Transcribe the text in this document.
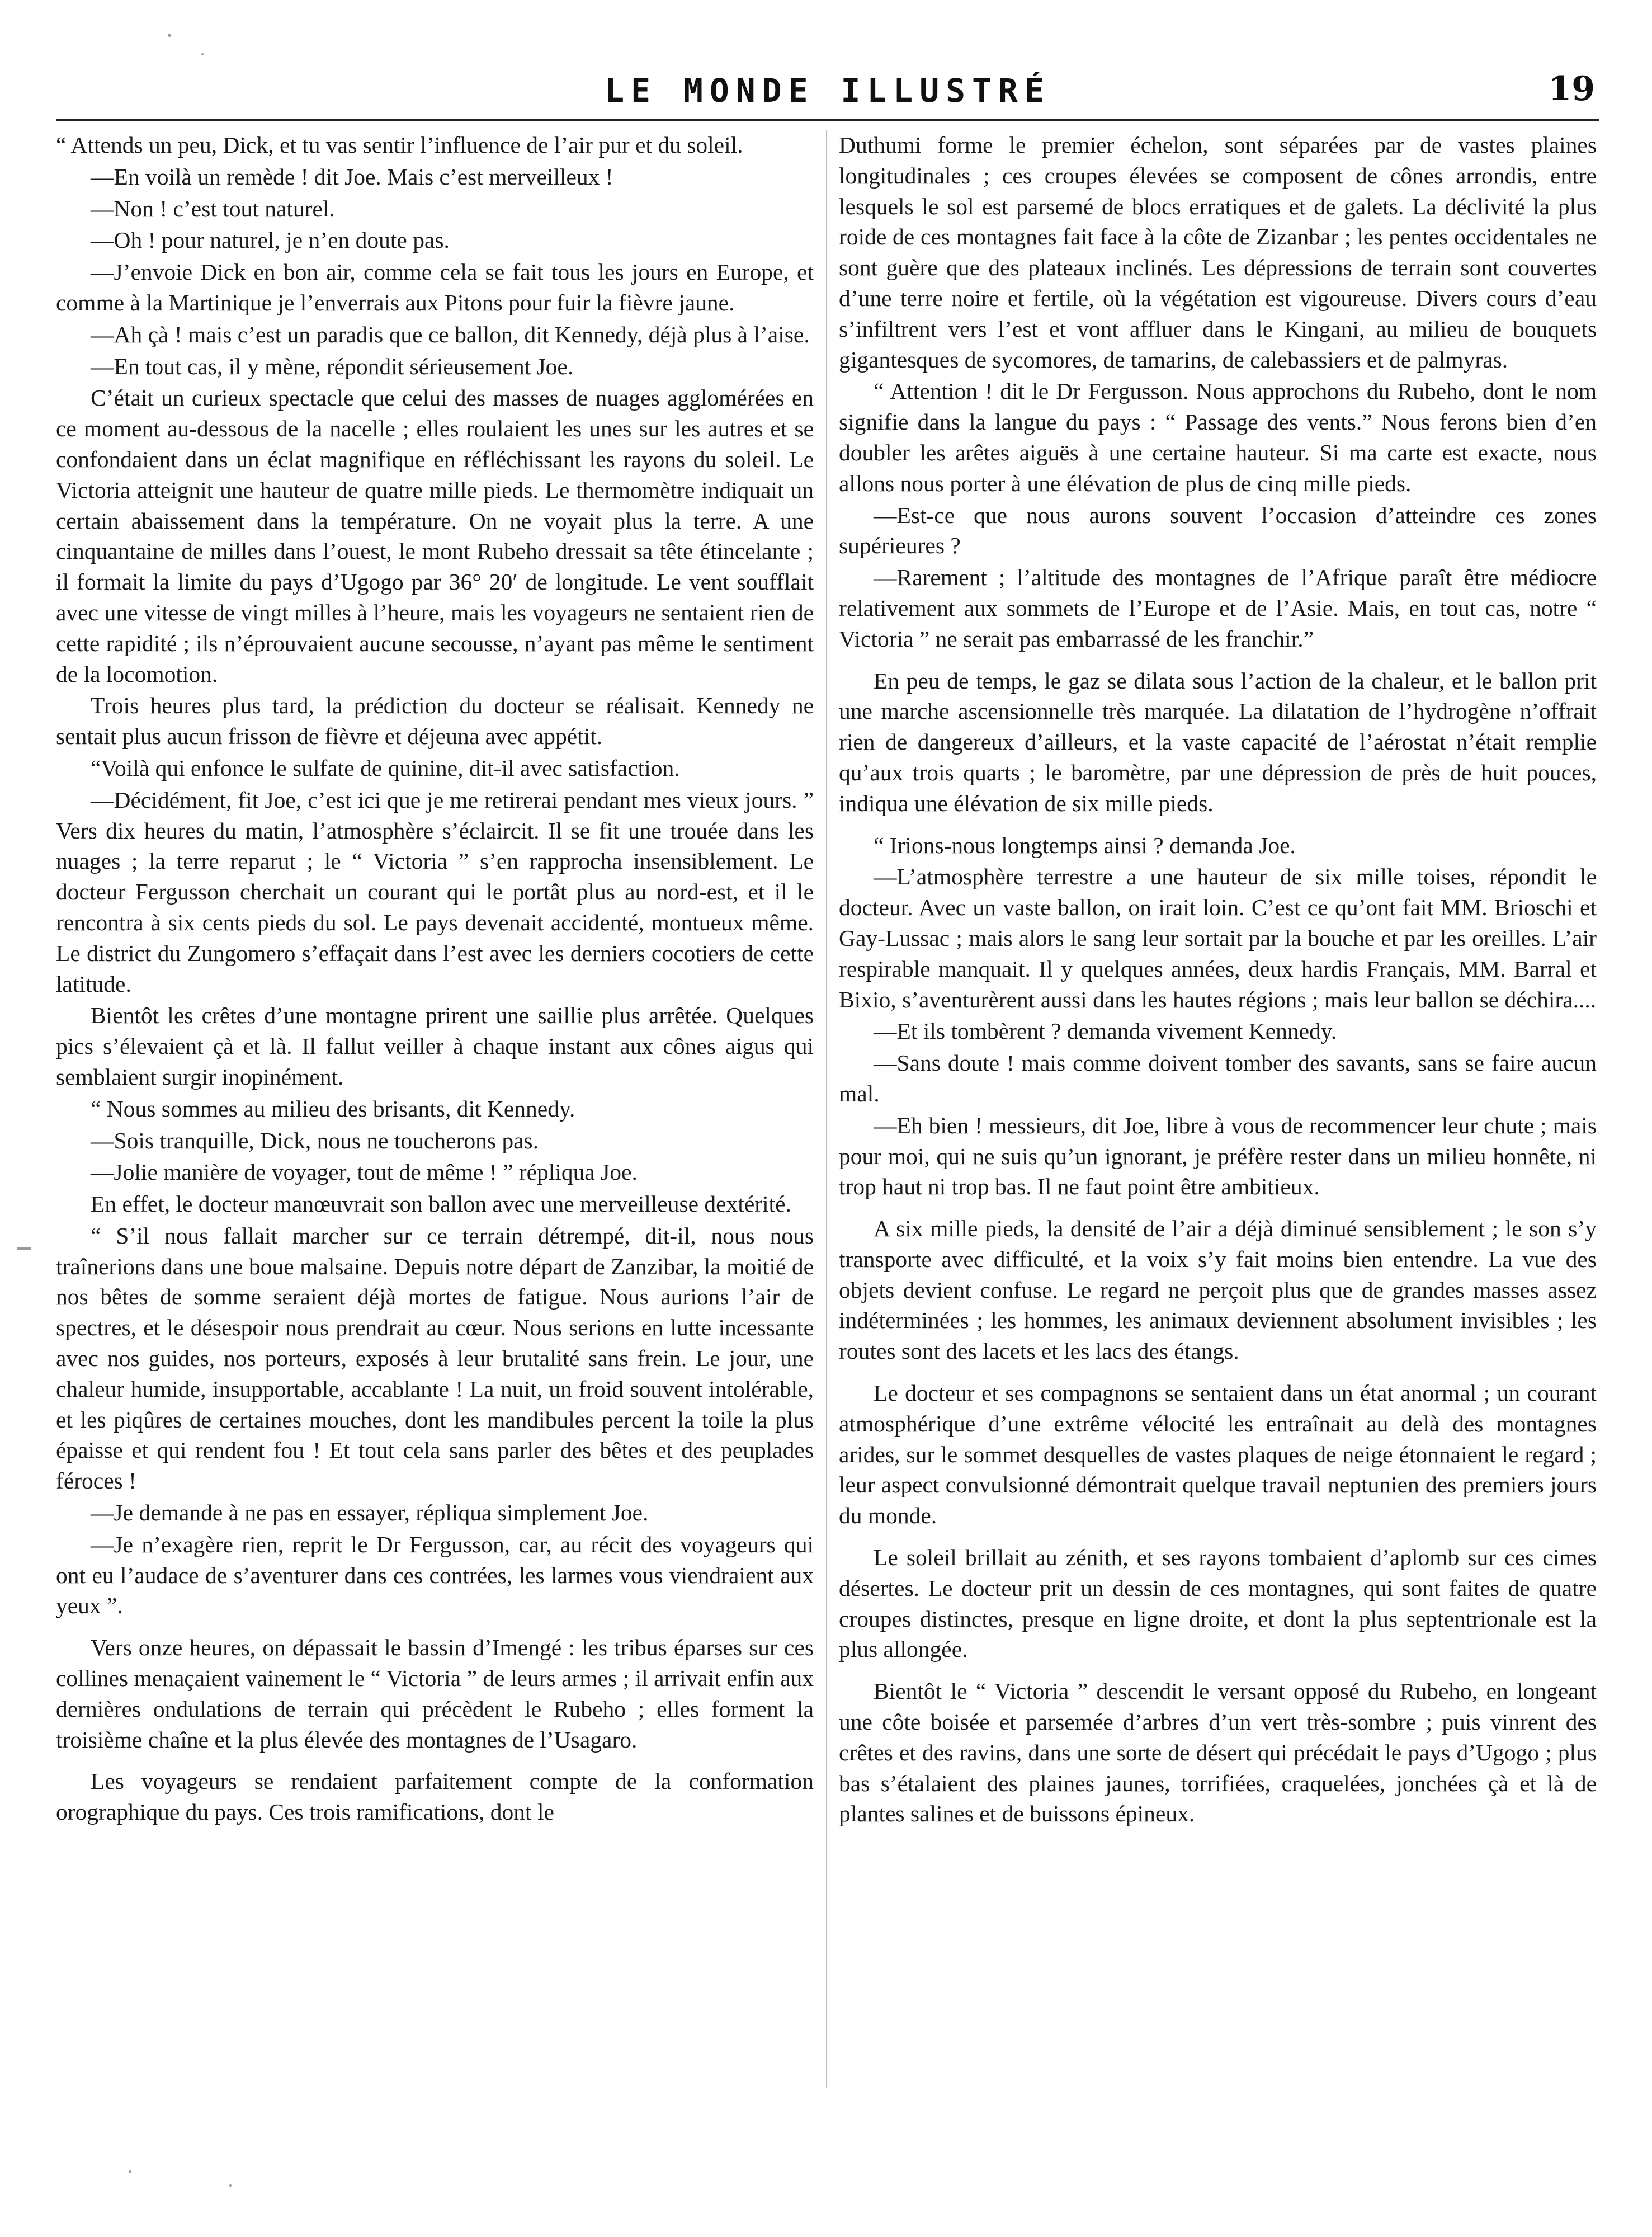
LE MONDE ILLUSTRÉ	19

“ Attends un peu, Dick, et tu vas sentir l’influence de l’air pur et du soleil.

—En voilà un remède ! dit Joe. Mais c’est merveilleux !

—Non ! c’est tout naturel.

—Oh ! pour naturel, je n’en doute pas.

—J’envoie Dick en bon air, comme cela se fait tous les jours en Europe, et comme à la Martinique je l’enverrais aux Pitons pour fuir la fièvre jaune.

—Ah çà ! mais c’est un paradis que ce ballon, dit Kennedy, déjà plus à l’aise.

—En tout cas, il y mène, répondit sérieusement Joe.

C’était un curieux spectacle que celui des masses de nuages agglomérées en ce moment au-dessous de la nacelle ; elles roulaient les unes sur les autres et se confondaient dans un éclat magnifique en réfléchissant les rayons du soleil. Le Victoria atteignit une hauteur de quatre mille pieds. Le thermomètre indiquait un certain abaissement dans la température. On ne voyait plus la terre. A une cinquantaine de milles dans l’ouest, le mont Rubeho dressait sa tête étincelante ; il formait la limite du pays d’Ugogo par 36° 20′ de longitude. Le vent soufflait avec une vitesse de vingt milles à l’heure, mais les voyageurs ne sentaient rien de cette rapidité ; ils n’éprouvaient aucune secousse, n’ayant pas même le sentiment de la locomotion.

Trois heures plus tard, la prédiction du docteur se réalisait. Kennedy ne sentait plus aucun frisson de fièvre et déjeuna avec appétit.

“Voilà qui enfonce le sulfate de quinine, dit-il avec satisfaction.

—Décidément, fit Joe, c’est ici que je me retirerai pendant mes vieux jours. ” Vers dix heures du matin, l’atmosphère s’éclaircit. Il se fit une trouée dans les nuages ; la terre reparut ; le “ Victoria ” s’en rapprocha insensiblement. Le docteur Fergusson cherchait un courant qui le portât plus au nord-est, et il le rencontra à six cents pieds du sol. Le pays devenait accidenté, montueux même. Le district du Zungomero s’effaçait dans l’est avec les derniers cocotiers de cette latitude.

Bientôt les crêtes d’une montagne prirent une saillie plus arrêtée. Quelques pics s’élevaient çà et là. Il fallut veiller à chaque instant aux cônes aigus qui semblaient surgir inopinément.

“ Nous sommes au milieu des brisants, dit Kennedy.

—Sois tranquille, Dick, nous ne toucherons pas.

—Jolie manière de voyager, tout de même ! ” répliqua Joe.

En effet, le docteur manœuvrait son ballon avec une merveilleuse dextérité.

“ S’il nous fallait marcher sur ce terrain détrempé, dit-il, nous nous traînerions dans une boue malsaine. Depuis notre départ de Zanzibar, la moitié de nos bêtes de somme seraient déjà mortes de fatigue. Nous aurions l’air de spectres, et le désespoir nous prendrait au cœur. Nous serions en lutte incessante avec nos guides, nos porteurs, exposés à leur brutalité sans frein. Le jour, une chaleur humide, insupportable, accablante ! La nuit, un froid souvent intolérable, et les piqûres de certaines mouches, dont les mandibules percent la toile la plus épaisse et qui rendent fou ! Et tout cela sans parler des bêtes et des peuplades féroces !

—Je demande à ne pas en essayer, répliqua simplement Joe.

—Je n’exagère rien, reprit le Dr Fergusson, car, au récit des voyageurs qui ont eu l’audace de s’aventurer dans ces contrées, les larmes vous viendraient aux yeux ”.

Vers onze heures, on dépassait le bassin d’Imengé : les tribus éparses sur ces collines menaçaient vainement le “ Victoria ” de leurs armes ; il arrivait enfin aux dernières ondulations de terrain qui précèdent le Rubeho ; elles forment la troisième chaîne et la plus élevée des montagnes de l’Usagaro.

Les voyageurs se rendaient parfaitement compte de la conformation orographique du pays. Ces trois ramifications, dont le

Duthumi forme le premier échelon, sont séparées par de vastes plaines longitudinales ; ces croupes élevées se composent de cônes arrondis, entre lesquels le sol est parsemé de blocs erratiques et de galets. La déclivité la plus roide de ces montagnes fait face à la côte de Zizanbar ; les pentes occidentales ne sont guère que des plateaux inclinés. Les dépressions de terrain sont couvertes d’une terre noire et fertile, où la végétation est vigoureuse. Divers cours d’eau s’infiltrent vers l’est et vont affluer dans le Kingani, au milieu de bouquets gigantesques de sycomores, de tamarins, de calebassiers et de palmyras.

“ Attention ! dit le Dr Fergusson. Nous approchons du Rubeho, dont le nom signifie dans la langue du pays : “ Passage des vents.” Nous ferons bien d’en doubler les arêtes aiguës à une certaine hauteur. Si ma carte est exacte, nous allons nous porter à une élévation de plus de cinq mille pieds.

—Est-ce que nous aurons souvent l’occasion d’atteindre ces zones supérieures ?

—Rarement ; l’altitude des montagnes de l’Afrique paraît être médiocre relativement aux sommets de l’Europe et de l’Asie. Mais, en tout cas, notre “ Victoria ” ne serait pas embarrassé de les franchir.”

En peu de temps, le gaz se dilata sous l’action de la chaleur, et le ballon prit une marche ascensionnelle très marquée. La dilatation de l’hydrogène n’offrait rien de dangereux d’ailleurs, et la vaste capacité de l’aérostat n’était remplie qu’aux trois quarts ; le baromètre, par une dépression de près de huit pouces, indiqua une élévation de six mille pieds.

“ Irions-nous longtemps ainsi ? demanda Joe.

—L’atmosphère terrestre a une hauteur de six mille toises, répondit le docteur. Avec un vaste ballon, on irait loin. C’est ce qu’ont fait MM. Brioschi et Gay-Lussac ; mais alors le sang leur sortait par la bouche et par les oreilles. L’air respirable manquait. Il y quelques années, deux hardis Français, MM. Barral et Bixio, s’aventurèrent aussi dans les hautes régions ; mais leur ballon se déchira....

—Et ils tombèrent ? demanda vivement Kennedy.

—Sans doute ! mais comme doivent tomber des savants, sans se faire aucun mal.

—Eh bien ! messieurs, dit Joe, libre à vous de recommencer leur chute ; mais pour moi, qui ne suis qu’un ignorant, je préfère rester dans un milieu honnête, ni trop haut ni trop bas. Il ne faut point être ambitieux.

A six mille pieds, la densité de l’air a déjà diminué sensiblement ; le son s’y transporte avec difficulté, et la voix s’y fait moins bien entendre. La vue des objets devient confuse. Le regard ne perçoit plus que de grandes masses assez indéterminées ; les hommes, les animaux deviennent absolument invisibles ; les routes sont des lacets et les lacs des étangs.

Le docteur et ses compagnons se sentaient dans un état anormal ; un courant atmosphérique d’une extrême vélocité les entraînait au delà des montagnes arides, sur le sommet desquelles de vastes plaques de neige étonnaient le regard ; leur aspect convulsionné démontrait quelque travail neptunien des premiers jours du monde.

Le soleil brillait au zénith, et ses rayons tombaient d’aplomb sur ces cimes désertes. Le docteur prit un dessin de ces montagnes, qui sont faites de quatre croupes distinctes, presque en ligne droite, et dont la plus septentrionale est la plus allongée.

Bientôt le “ Victoria ” descendit le versant opposé du Rubeho, en longeant une côte boisée et parsemée d’arbres d’un vert très-sombre ; puis vinrent des crêtes et des ravins, dans une sorte de désert qui précédait le pays d’Ugogo ; plus bas s’étalaient des plaines jaunes, torrifiées, craquelées, jonchées çà et là de plantes salines et de buissons épineux.
